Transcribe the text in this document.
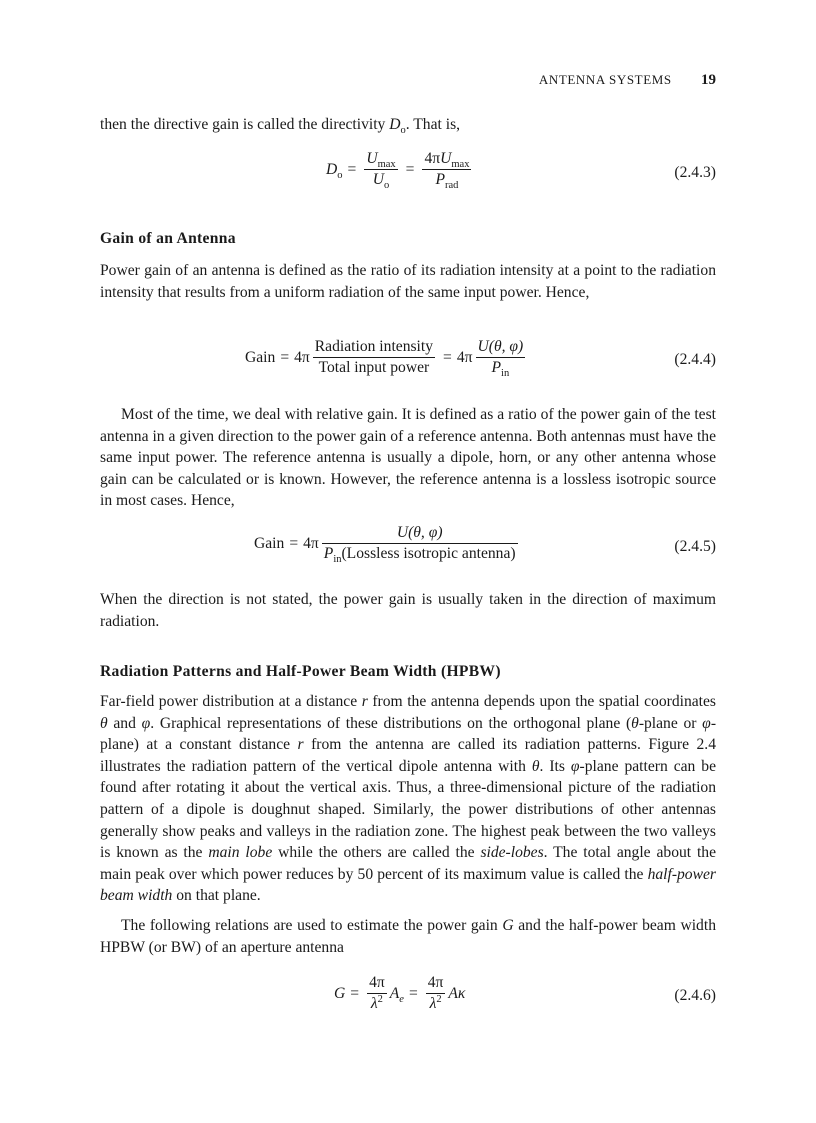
ANTENNA SYSTEMS 19

then the directive gain is called the directivity $D_o$. That is,

$D_o = \frac{U_{max}}{U_o} = \frac{4\pi U_{max}}{P_{rad}}$	(2.4.3)

Gain of an Antenna

Power gain of an antenna is defined as the ratio of its radiation intensity at a point to the radiation intensity that results from a uniform radiation of the same input power. Hence,

Gain = $4\pi \frac{\text{Radiation intensity}}{\text{Total input power}} = 4\pi \frac{U(\theta, \varphi)}{P_{in}}$	(2.4.4)

Most of the time, we deal with relative gain. It is defined as a ratio of the power gain of the test antenna in a given direction to the power gain of a reference antenna. Both antennas must have the same input power. The reference antenna is usually a dipole, horn, or any other antenna whose gain can be calculated or is known. However, the reference antenna is a lossless isotropic source in most cases. Hence,

Gain = $4\pi \frac{U(\theta, \varphi)}{P_{in}(Lossless isotropic antenna)}$	(2.4.5)

When the direction is not stated, the power gain is usually taken in the direction of maximum radiation.

Radiation Patterns and Half-Power Beam Width (HPBW)

Far-field power distribution at a distance r from the antenna depends upon the spatial coordinates θ and φ. Graphical representations of these distributions on the orthogonal plane (θ-plane or φ-plane) at a constant distance r from the antenna are called its radiation patterns. Figure 2.4 illustrates the radiation pattern of the vertical dipole antenna with θ. Its φ-plane pattern can be found after rotating it about the vertical axis. Thus, a three-dimensional picture of the radiation pattern of a dipole is doughnut shaped. Similarly, the power distributions of other antennas generally show peaks and valleys in the radiation zone. The highest peak between the two valleys is known as the main lobe while the others are called the side-lobes. The total angle about the main peak over which power reduces by 50 percent of its maximum value is called the half-power beam width on that plane.

The following relations are used to estimate the power gain G and the half-power beam width HPBW (or BW) of an aperture antenna

$G = \frac{4\pi}{\lambda^2} A_e = \frac{4\pi}{\lambda^2}$ Aκ	(2.4.6)
